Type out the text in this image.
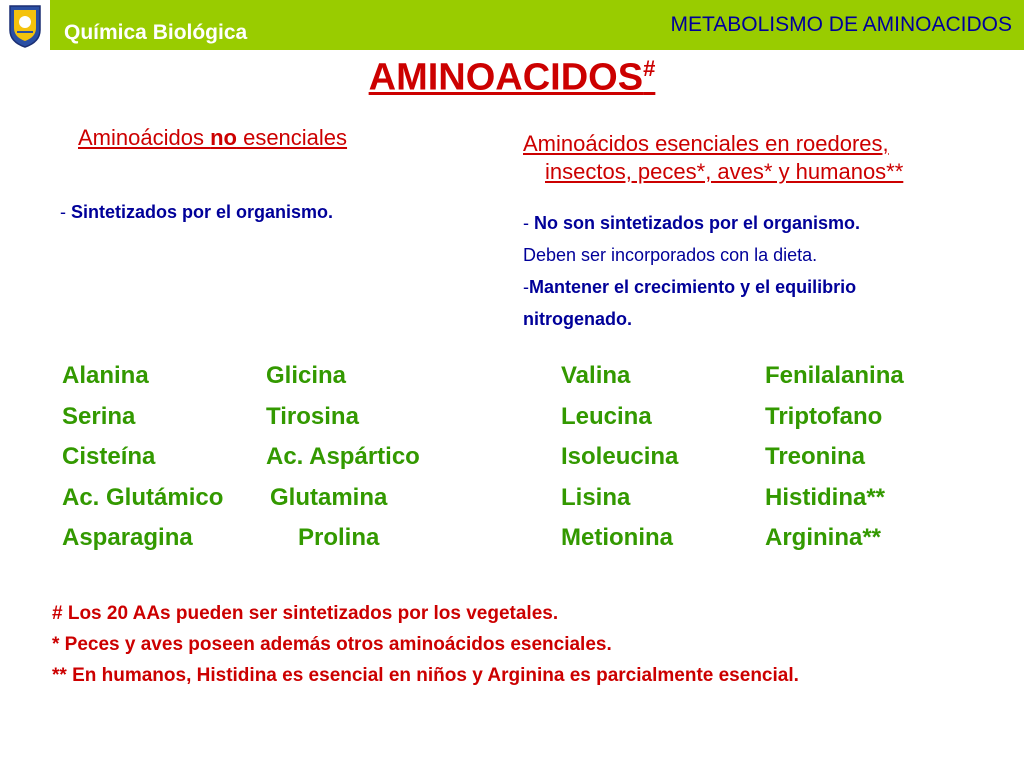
Química Biológica	METABOLISMO DE AMINOACIDOS
AMINOACIDOS#
Aminoácidos no esenciales	Aminoácidos esenciales en roedores,
insectos, peces*, aves* y humanos**
- Sintetizados por el organismo.
- No son sintetizados por el organismo.
Deben ser incorporados con la dieta.
-Mantener el crecimiento y el equilibrio
nitrogenado.
Alanina
Serina
Cisteína
Ac. Glutámico
Asparagina
Glicina
Tirosina
Ac. Aspártico
Glutamina
Prolina
Valina
Leucina
Isoleucina
Lisina
Metionina
Fenilalanina
Triptofano
Treonina
Histidina**
Arginina**
# Los 20 AAs pueden ser sintetizados por los vegetales.
* Peces y aves poseen además otros aminoácidos esenciales.
** En humanos, Histidina es esencial en niños y Arginina es parcialmente esencial.
